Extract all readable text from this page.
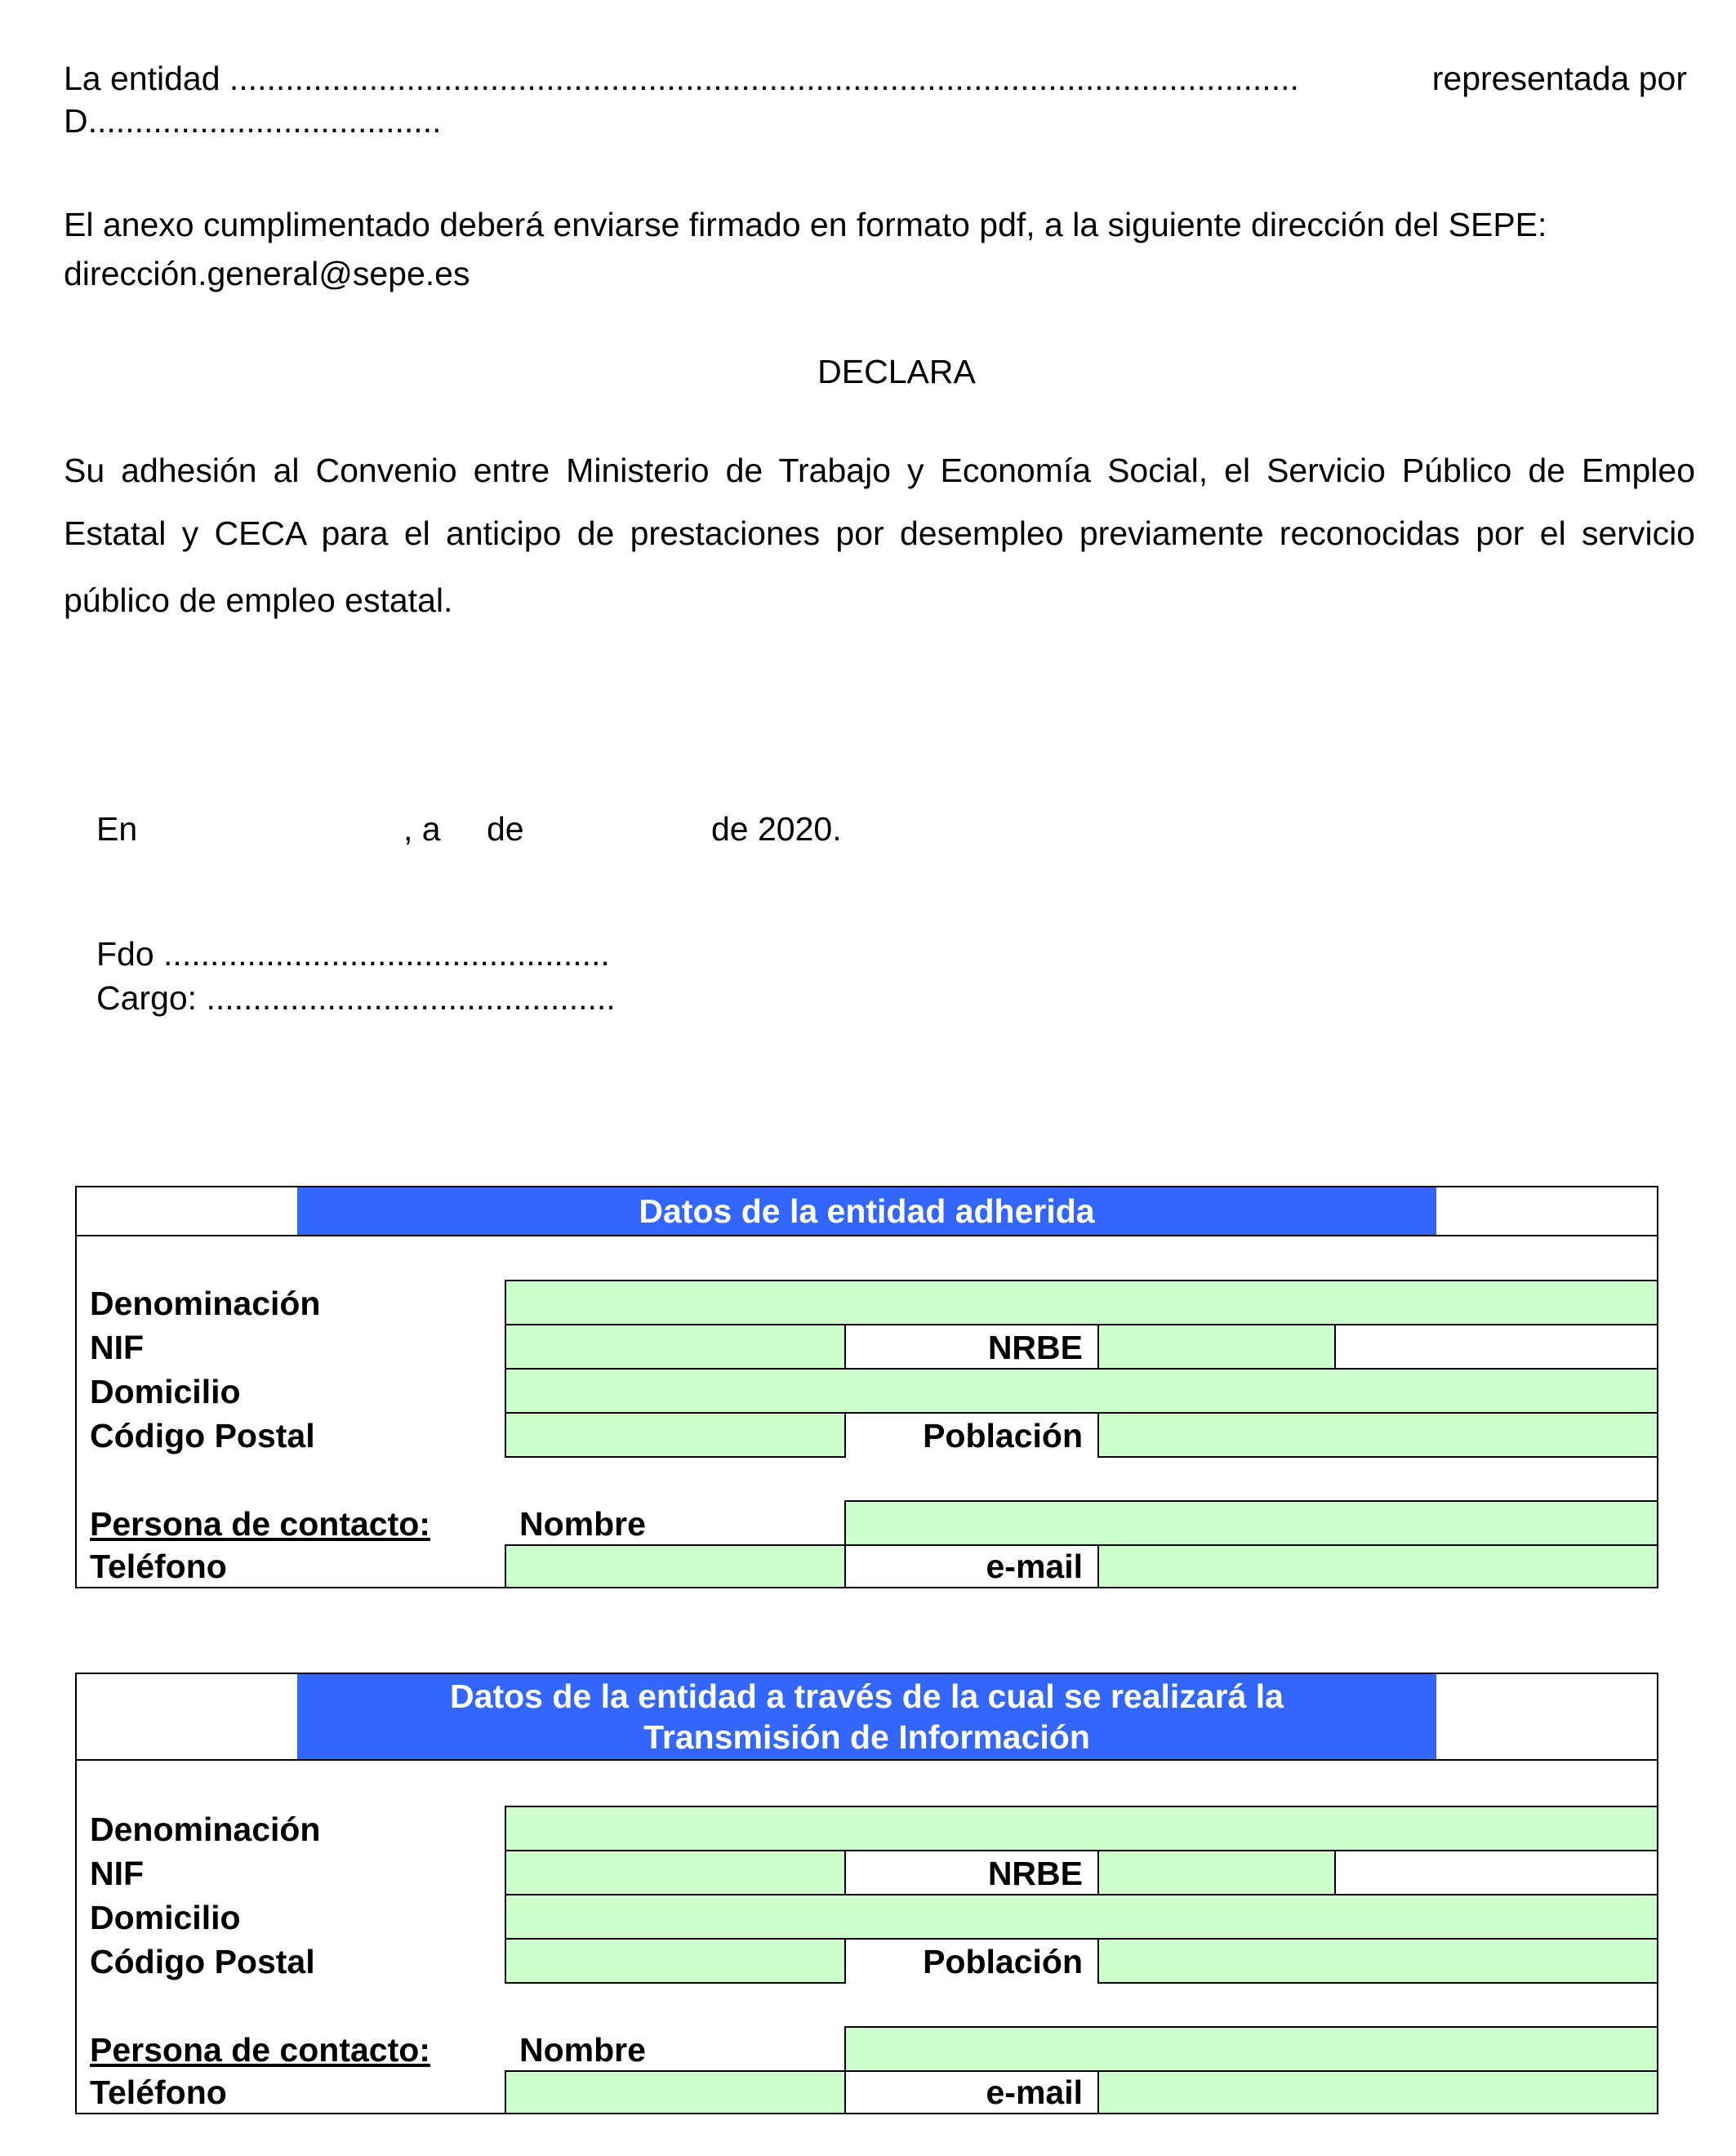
La entidad ...................................................................................................................	representada por
D......................................
El anexo cumplimentado deberá enviarse firmado en formato pdf, a la siguiente dirección del SEPE:
dirección.general@sepe.es
DECLARA
Su adhesión al Convenio entre Ministerio de Trabajo y Economía Social, el Servicio Público de Empleo
Estatal y CECA para el anticipo de prestaciones por desempleo previamente reconocidas por el servicio
público de empleo estatal.
En	, a de	de 2020.
Fdo ................................................
Cargo: ............................................
Datos de la entidad adherida
Denominación
NIF	NRBE
Domicilio
Código Postal	Población
Persona de contacto:	Nombre
Teléfono	e-mail
Datos de la entidad a través de la cual se realizará la
Transmisión de Información
Denominación
NIF	NRBE
Domicilio
Código Postal	Población
Persona de contacto:	Nombre
Teléfono	e-mail
